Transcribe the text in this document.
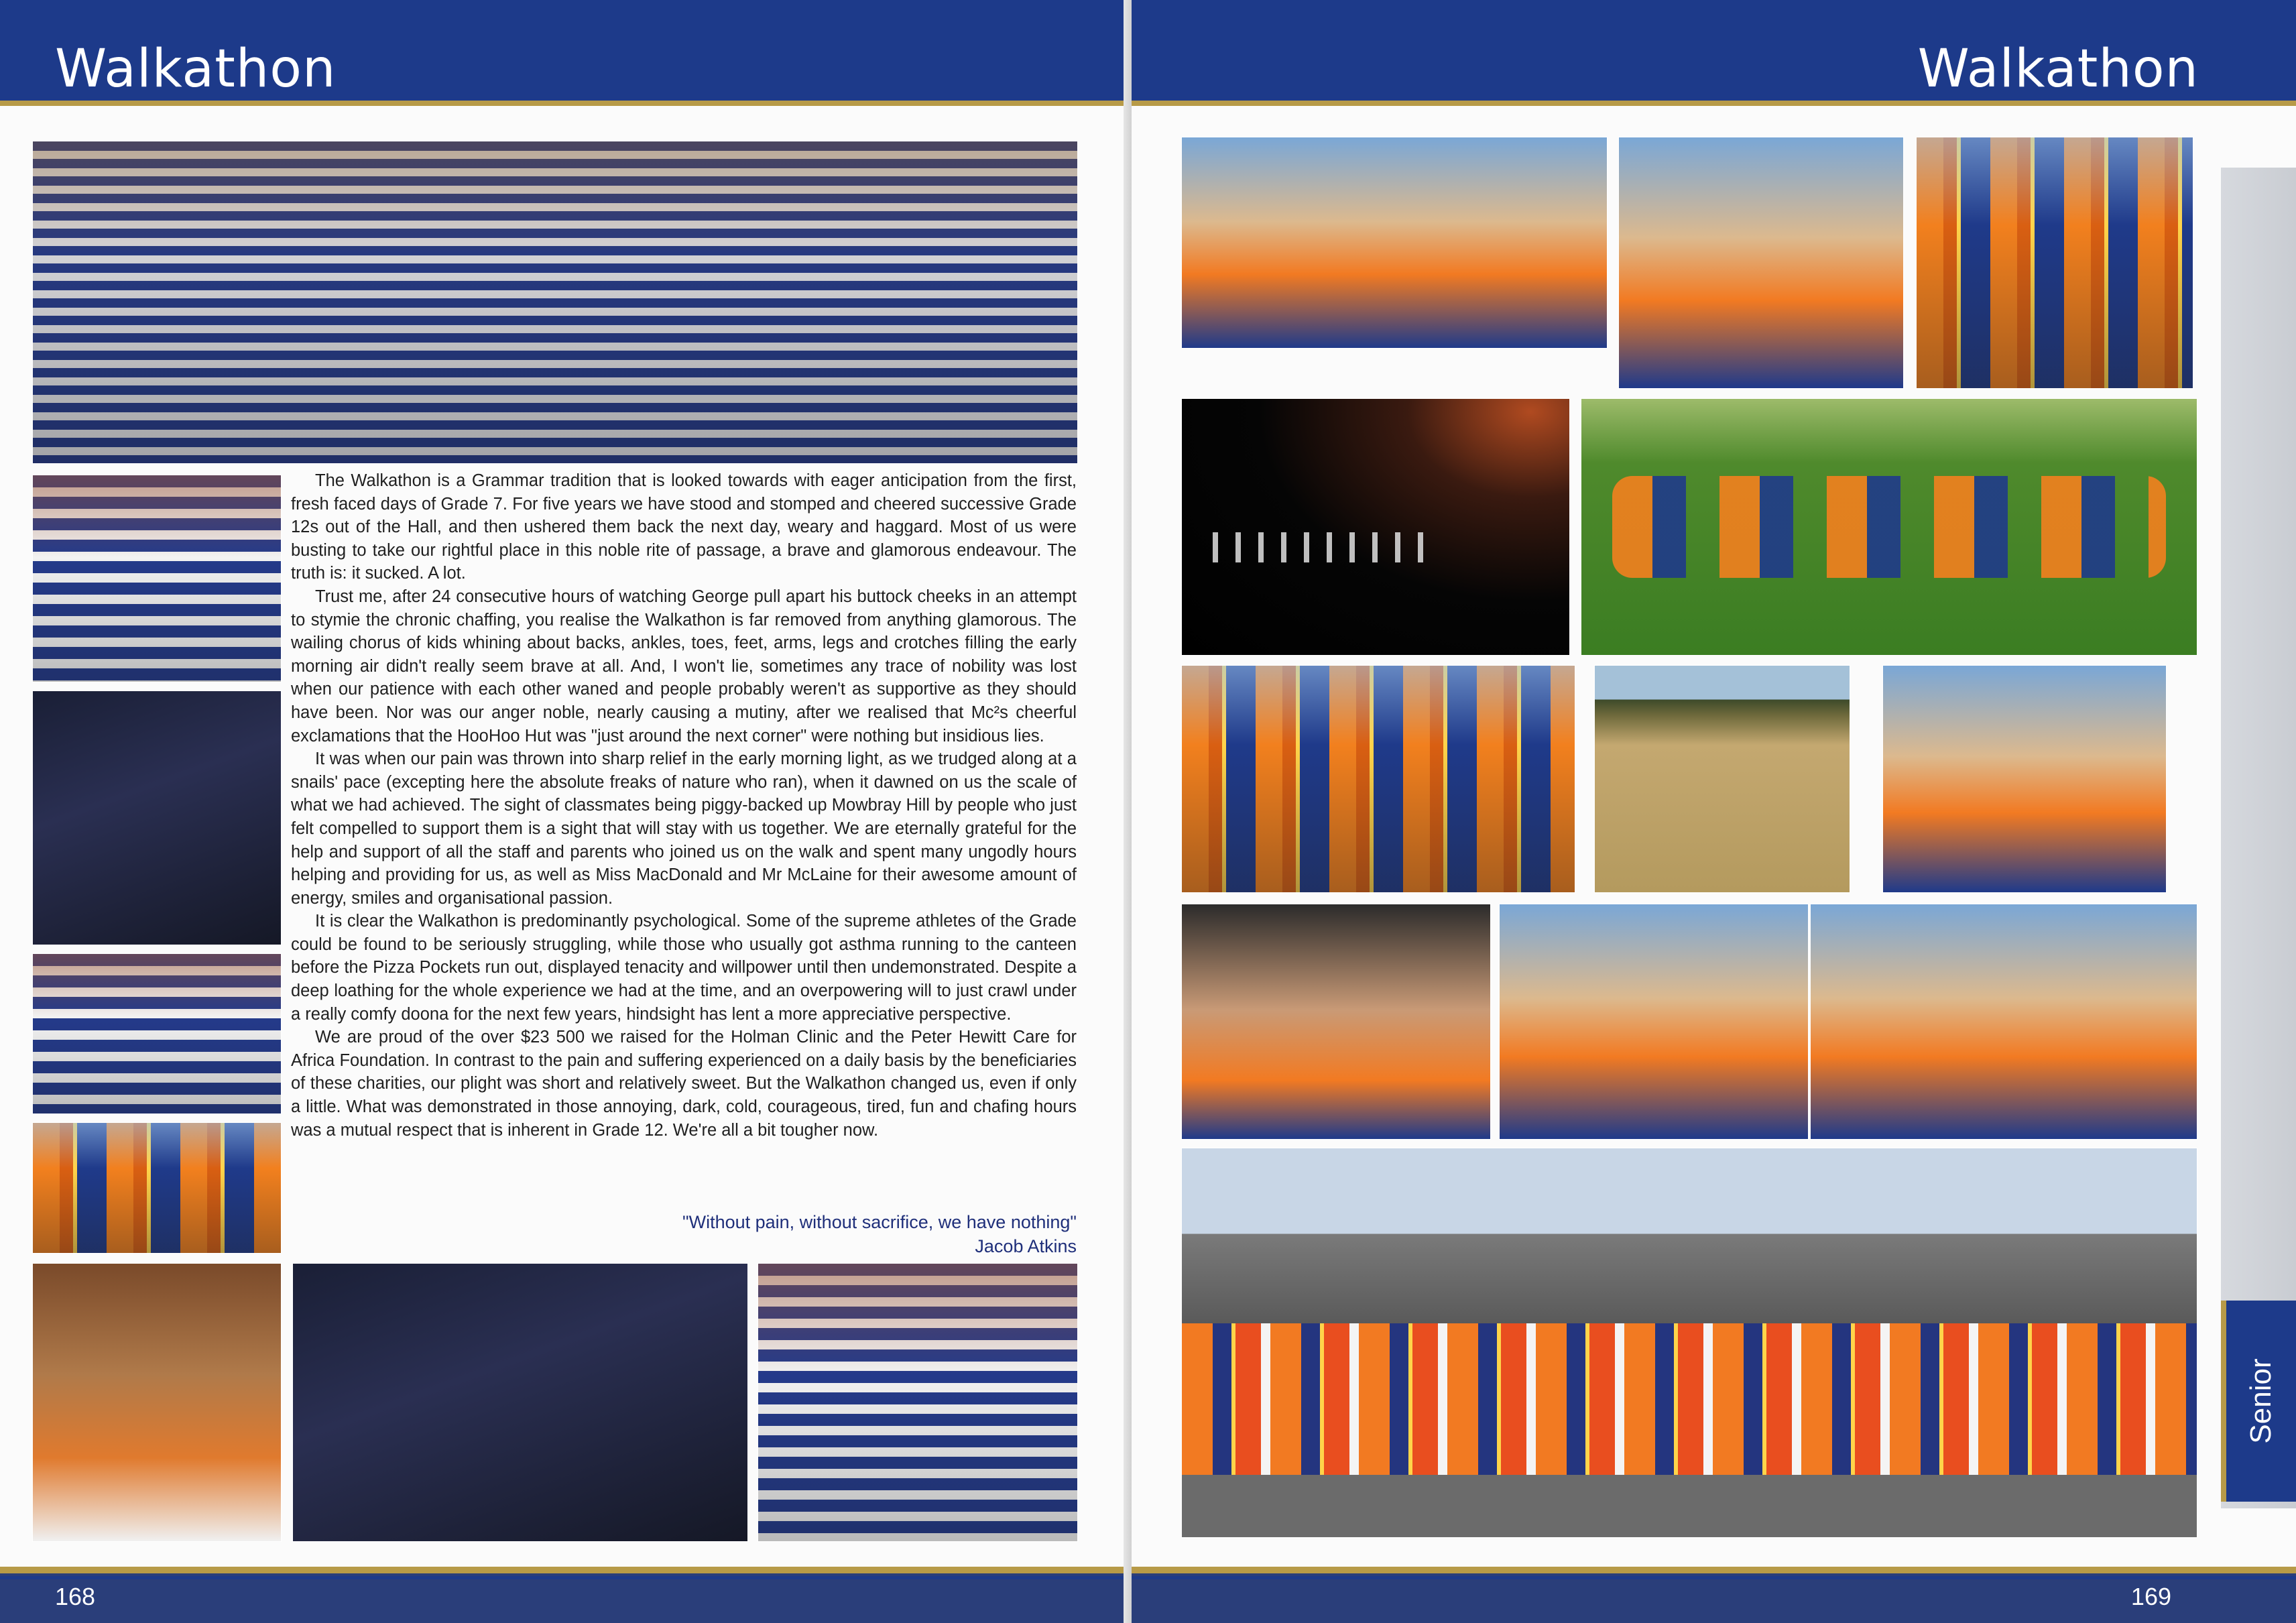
Walkathon

The Walkathon is a Grammar tradition that is looked towards with eager anticipation from the first, fresh faced days of Grade 7. For five years we have stood and stomped and cheered successive Grade 12s out of the Hall, and then ushered them back the next day, weary and haggard. Most of us were busting to take our rightful place in this noble rite of passage, a brave and glamorous endeavour. The truth is: it sucked. A lot.

Trust me, after 24 consecutive hours of watching George pull apart his buttock cheeks in an attempt to stymie the chronic chaffing, you realise the Walkathon is far removed from anything glamorous. The wailing chorus of kids whining about backs, ankles, toes, feet, arms, legs and crotches filling the early morning air didn't really seem brave at all. And, I won't lie, sometimes any trace of nobility was lost when our patience with each other waned and people probably weren't as supportive as they should have been. Nor was our anger noble, nearly causing a mutiny, after we realised that Mc²s cheerful exclamations that the HooHoo Hut was "just around the next corner" were nothing but insidious lies.

It was when our pain was thrown into sharp relief in the early morning light, as we trudged along at a snails' pace (excepting here the absolute freaks of nature who ran), when it dawned on us the scale of what we had achieved. The sight of classmates being piggy-backed up Mowbray Hill by people who just felt compelled to support them is a sight that will stay with us together. We are eternally grateful for the help and support of all the staff and parents who joined us on the walk and spent many ungodly hours helping and providing for us, as well as Miss MacDonald and Mr McLaine for their awesome amount of energy, smiles and organisational passion.

It is clear the Walkathon is predominantly psychological. Some of the supreme athletes of the Grade could be found to be seriously struggling, while those who usually got asthma running to the canteen before the Pizza Pockets run out, displayed tenacity and willpower until then undemonstrated. Despite a deep loathing for the whole experience we had at the time, and an overpowering will to just crawl under a really comfy doona for the next few years, hindsight has lent a more appreciative perspective.

We are proud of the over $23 500 we raised for the Holman Clinic and the Peter Hewitt Care for Africa Foundation. In contrast to the pain and suffering experienced on a daily basis by the beneficiaries of these charities, our plight was short and relatively sweet. But the Walkathon changed us, even if only a little. What was demonstrated in those annoying, dark, cold, courageous, tired, fun and chafing hours was a mutual respect that is inherent in Grade 12. We're all a bit tougher now.

"Without pain, without sacrifice, we have nothing"
Jacob Atkins
168
Walkathon
Senior
169
